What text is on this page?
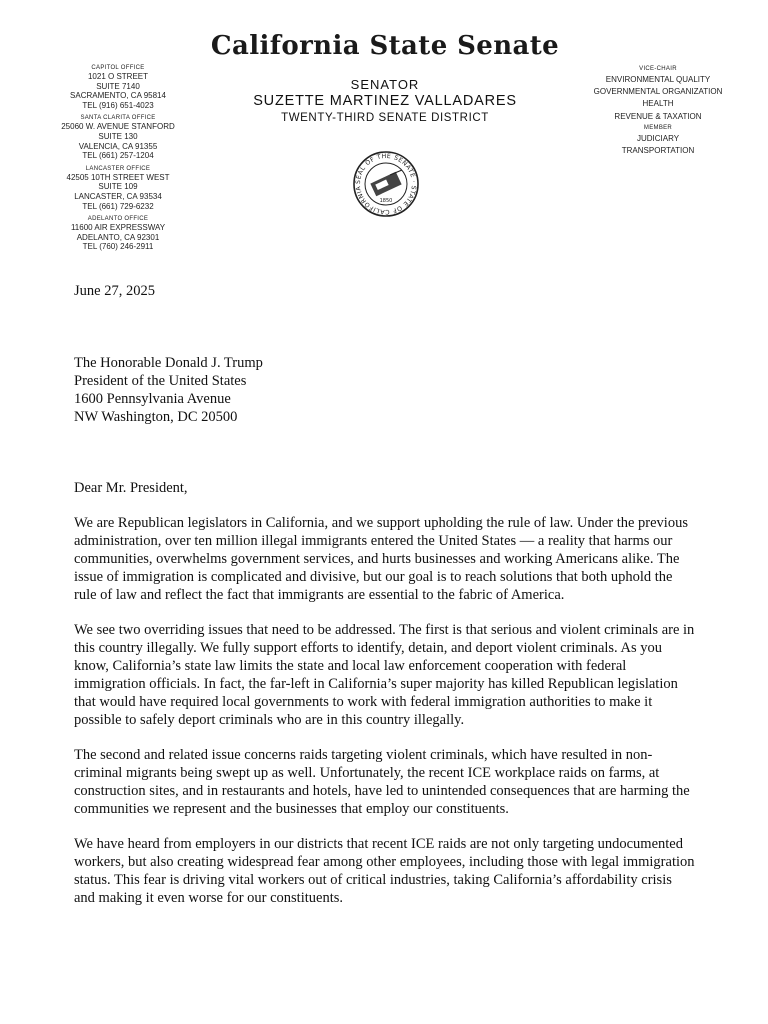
CAPITOL OFFICE
1021 O STREET
SUITE 7140
SACRAMENTO, CA 95814
TEL (916) 651-4023
SANTA CLARITA OFFICE
25060 W. AVENUE STANFORD
SUITE 130
VALENCIA, CA 91355
TEL (661) 257-1204
LANCASTER OFFICE
42505 10TH STREET WEST
SUITE 109
LANCASTER, CA 93534
TEL (661) 729-6232
ADELANTO OFFICE
11600 AIR EXPRESSWAY
ADELANTO, CA 92301
TEL (760) 246-2911
California State Senate
SENATOR
SUZETTE MARTINEZ VALLADARES
TWENTY-THIRD SENATE DISTRICT
SEAL OF THE SENATE · STATE OF CALIFORNIA
1850
VICE-CHAIR
ENVIRONMENTAL QUALITY
GOVERNMENTAL ORGANIZATION
HEALTH
REVENUE & TAXATION
MEMBER
JUDICIARY
TRANSPORTATION
June 27, 2025
The Honorable Donald J. Trump
President of the United States
1600 Pennsylvania Avenue
NW Washington, DC 20500
Dear Mr. President,

We are Republican legislators in California, and we support upholding the rule of law. Under the previous administration, over ten million illegal immigrants entered the United States — a reality that harms our communities, overwhelms government services, and hurts businesses and working Americans alike. The issue of immigration is complicated and divisive, but our goal is to reach solutions that both uphold the rule of law and reflect the fact that immigrants are essential to the fabric of America.

We see two overriding issues that need to be addressed. The first is that serious and violent criminals are in this country illegally. We fully support efforts to identify, detain, and deport violent criminals. As you know, California’s state law limits the state and local law enforcement cooperation with federal immigration officials. In fact, the far-left in California’s super majority has killed Republican legislation that would have required local governments to work with federal immigration authorities to make it possible to safely deport criminals who are in this country illegally.

The second and related issue concerns raids targeting violent criminals, which have resulted in non-criminal migrants being swept up as well. Unfortunately, the recent ICE workplace raids on farms, at construction sites, and in restaurants and hotels, have led to unintended consequences that are harming the communities we represent and the businesses that employ our constituents.

We have heard from employers in our districts that recent ICE raids are not only targeting undocumented workers, but also creating widespread fear among other employees, including those with legal immigration status. This fear is driving vital workers out of critical industries, taking California’s affordability crisis and making it even worse for our constituents.
